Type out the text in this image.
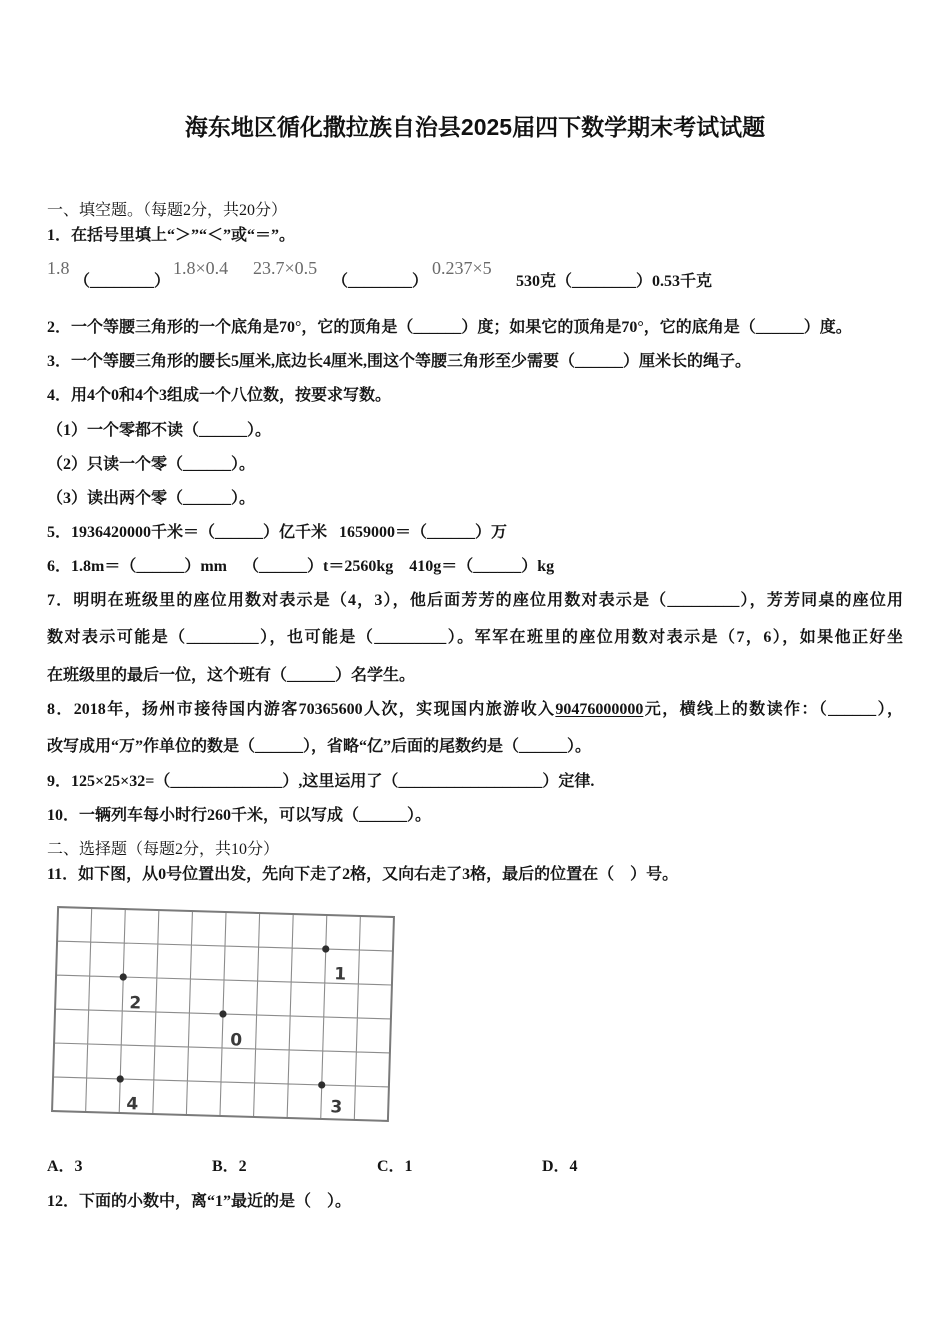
海东地区循化撒拉族自治县2025届四下数学期末考试试题
一、填空题。（每题2分，共20分）
1．在括号里填上“＞”“＜”或“＝”。
1.8
（________）
1.8×0.4 23.7×0.5
（________）
0.237×5
530克（________）0.53千克
2．一个等腰三角形的一个底角是70°，它的顶角是（______）度；如果它的顶角是70°，它的底角是（______）度。
3．一个等腰三角形的腰长5厘米,底边长4厘米,围这个等腰三角形至少需要（______）厘米长的绳子。
4．用4个0和4个3组成一个八位数，按要求写数。
（1）一个零都不读（______）。
（2）只读一个零（______）。
（3）读出两个零（______）。
5．1936420000千米＝（______）亿千米   1659000＝（______）万
6．1.8m＝（______）mm    （______）t＝2560kg    410g＝（______）kg
7．明明在班级里的座位用数对表示是（4，3），他后面芳芳的座位用数对表示是（_________），芳芳同桌的座位用
数对表示可能是（_________），也可能是（_________）。军军在班里的座位用数对表示是（7，6），如果他正好坐
在班级里的最后一位，这个班有（______）名学生。
8．2018年，扬州市接待国内游客70365600人次，实现国内旅游收入90476000000元，横线上的数读作：（______），
改写成用“万”作单位的数是（______），省略“亿”后面的尾数约是（______）。
9．125×25×32=（______________）,这里运用了（__________________）定律.
10．一辆列车每小时行260千米，可以写成（______）。
二、选择题（每题2分，共10分）
11．如下图，从0号位置出发，先向下走了2格，又向右走了3格，最后的位置在（    ）号。
1
2
0
4	3
A．3	B．2	C．1	D．4
12．下面的小数中，离“1”最近的是（    ）。
